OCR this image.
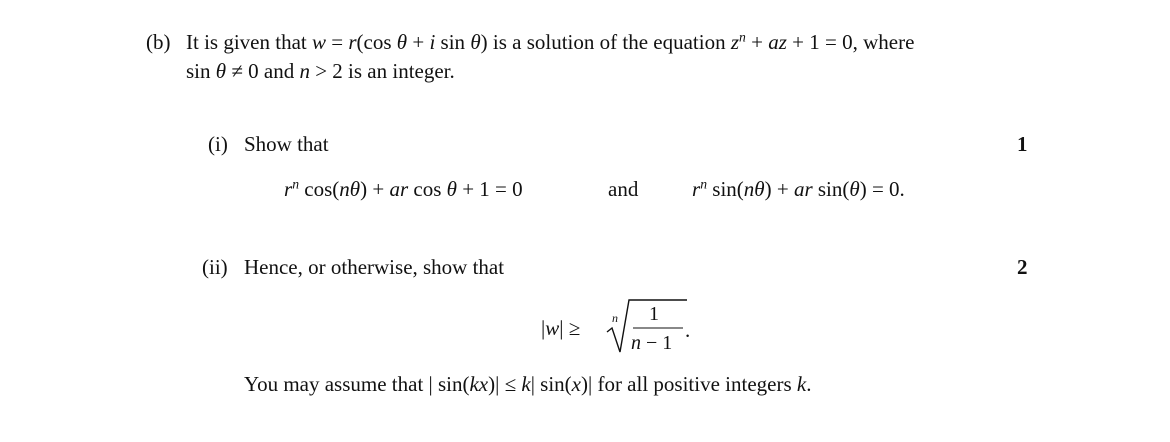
(b) It is given that w = r(cos θ + i sin θ) is a solution of the equation $z^n$ + az + 1 = 0, where
sin θ ≠ 0 and n > 2 is an integer.
(i) Show that	1
$r^n$ cos(nθ) + ar cos θ + 1 = 0	and	$r^n$ sin(nθ) + ar sin(θ) = 0.
(ii) Hence, or otherwise, show that	2
|w| ≥	n 1
n − 1
.
You may assume that | sin(kx)| ≤ k| sin(x)| for all positive integers k.
